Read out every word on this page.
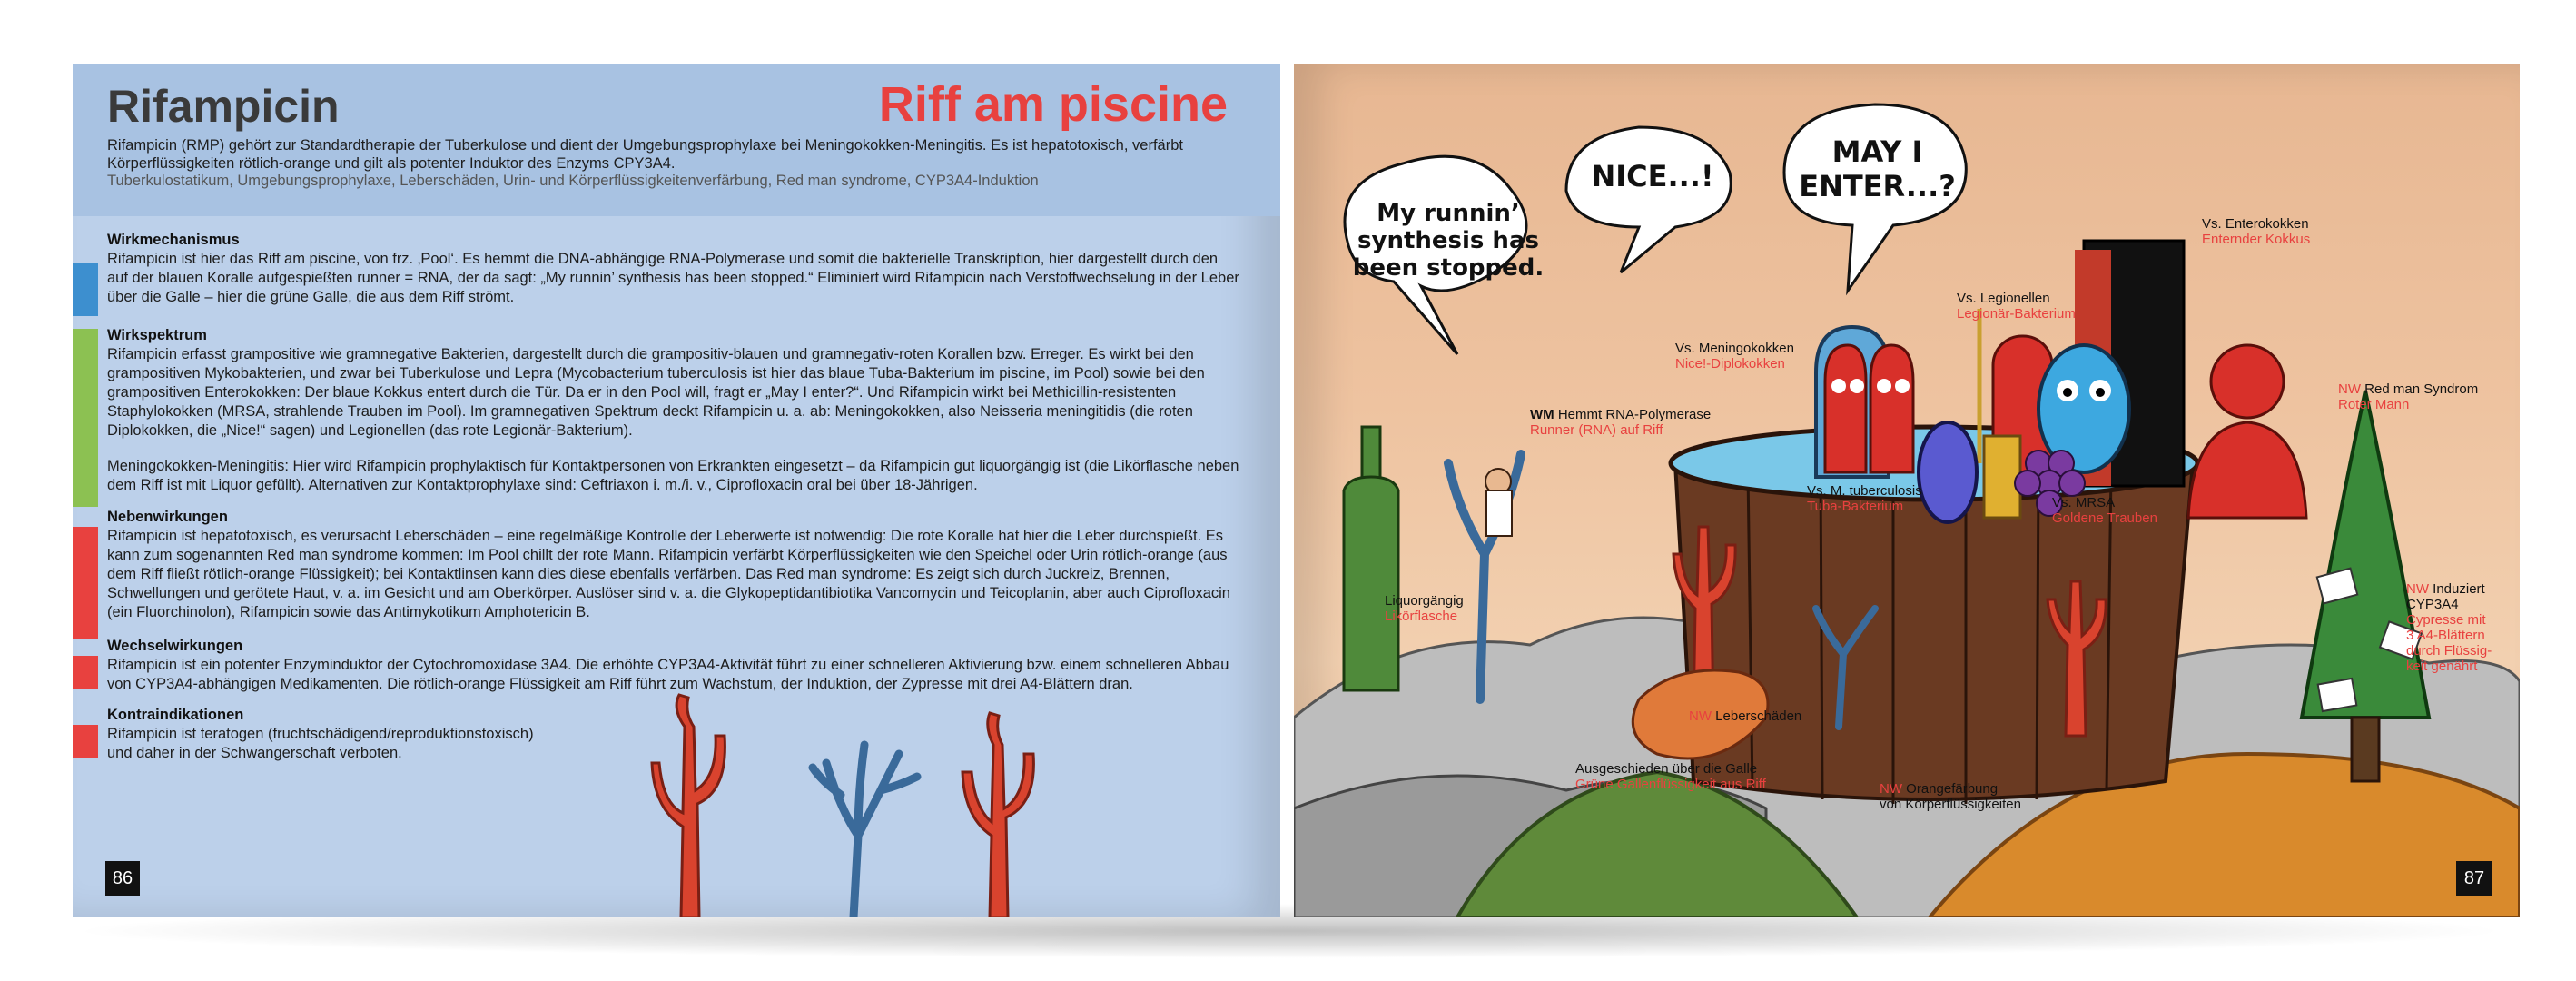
Rifampicin	Riff am piscine
Rifampicin (RMP) gehört zur Standardtherapie der Tuberkulose und dient der Umgebungsprophylaxe bei Meningokokken-Meningitis. Es ist hepatotoxisch, verfärbt Körperflüssigkeiten rötlich-orange und gilt als potenter Induktor des Enzyms CPY3A4.
Tuberkulostatikum, Umgebungsprophylaxe, Leberschäden, Urin- und Körperflüssigkeitenverfärbung, Red man syndrome, CYP3A4-Induktion
Wirkmechanismus
Rifampicin ist hier das Riff am piscine, von frz. ‚Pool‘. Es hemmt die DNA-abhängige RNA-Polymerase und somit die bakterielle Transkription, hier dargestellt durch den auf der blauen Koralle aufgespießten runner = RNA, der da sagt: „My runnin’ synthesis has been stopped.“ Eliminiert wird Rifampicin nach Verstoffwechselung in der Leber über die Galle – hier die grüne Galle, die aus dem Riff strömt.
Wirkspektrum
Rifampicin erfasst grampositive wie gramnegative Bakterien, dargestellt durch die grampositiv-blauen und gramnegativ-roten Korallen bzw. Erreger. Es wirkt bei den grampositiven Mykobakterien, und zwar bei Tuberkulose und Lepra (Mycobacterium tuberculosis ist hier das blaue Tuba-Bakterium im piscine, im Pool) sowie bei den grampositiven Enterokokken: Der blaue Kokkus entert durch die Tür. Da er in den Pool will, fragt er „May I enter?“. Und Rifampicin wirkt bei Methicillin-resistenten Staphylokokken (MRSA, strahlende Trauben im Pool). Im gramnegativen Spektrum deckt Rifampicin u. a. ab: Meningokokken, also Neisseria meningitidis (die roten Diplokokken, die „Nice!“ sagen) und Legionellen (das rote Legionär-Bakterium).
Meningokokken-Meningitis: Hier wird Rifampicin prophylaktisch für Kontaktpersonen von Erkrankten eingesetzt – da Rifampicin gut liquorgängig ist (die Likörflasche neben dem Riff ist mit Liquor gefüllt). Alternativen zur Kontaktprophylaxe sind: Ceftriaxon i. m./i. v., Ciprofloxacin oral bei über 18-Jährigen.
Nebenwirkungen
Rifampicin ist hepatotoxisch, es verursacht Leberschäden – eine regelmäßige Kontrolle der Leberwerte ist notwendig: Die rote Koralle hat hier die Leber durchspießt. Es kann zum sogenannten Red man syndrome kommen: Im Pool chillt der rote Mann. Rifampicin verfärbt Körperflüssigkeiten wie den Speichel oder Urin rötlich-orange (aus dem Riff fließt rötlich-orange Flüssigkeit); bei Kontaktlinsen kann dies diese ebenfalls verfärben. Das Red man syndrome: Es zeigt sich durch Juckreiz, Brennen, Schwellungen und gerötete Haut, v. a. im Gesicht und am Oberkörper. Auslöser sind v. a. die Glykopeptidantibiotika Vancomycin und Teicoplanin, aber auch Ciprofloxacin (ein Fluorchinolon), Rifampicin sowie das Antimykotikum Amphotericin B.
Wechselwirkungen
Rifampicin ist ein potenter Enzyminduktor der Cytochromoxidase 3A4. Die erhöhte CYP3A4-Aktivität führt zu einer schnelleren Aktivierung bzw. einem schnelleren Abbau von CYP3A4-abhängigen Medikamenten. Die rötlich-orange Flüssigkeit am Riff führt zum Wachstum, der Induktion, der Zypresse mit drei A4-Blättern dran.
Kontraindikationen
Rifampicin ist teratogen (fruchtschädigend/reproduktionstoxisch)
und daher in der Schwangerschaft verboten.
86
My runnin’
synthesis has
been stopped.
NICE...!
MAY I
ENTER...?
Vs. Enterokokken
Enternder Kokkus
Vs. Legionellen
Legionär-Bakterium
Vs. Meningokokken
Nice!-Diplokokken
WM Hemmt RNA-Polymerase
Runner (RNA) auf Riff
NW Red man Syndrom
Roter Mann
Vs. M. tuberculosis
Tuba-Bakterium	Vs. MRSA
Goldene Trauben
Liquorgängig
Likörflasche
NW Induziert
CYP3A4
Cypresse mit
3 A4-Blättern
durch Flüssig-
keit genährt
NW Leberschäden
Ausgeschieden über die Galle
Grüne Gallenflüssigkeit aus Riff	NW Orangefärbung
von Körperflüssigkeiten
87
